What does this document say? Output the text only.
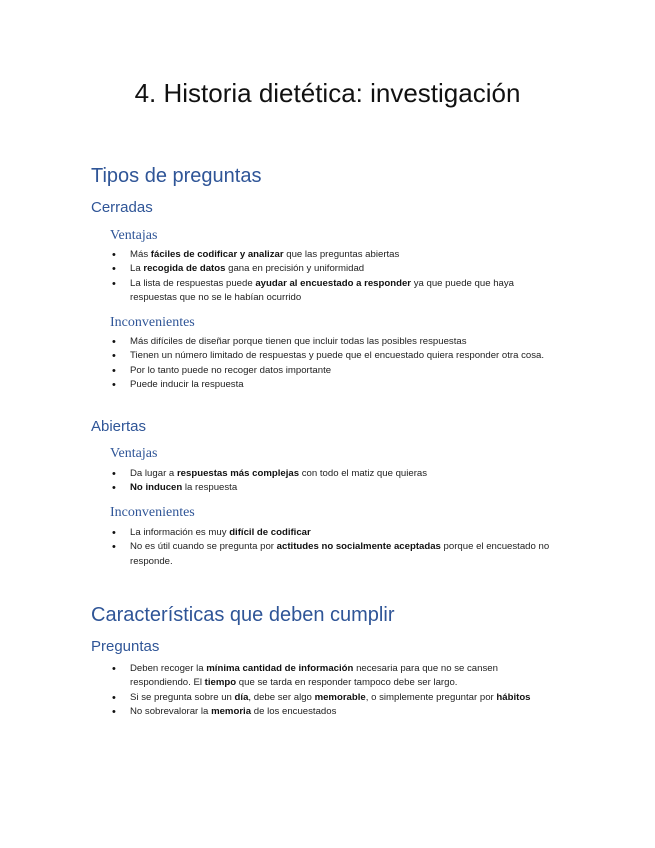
4. Historia dietética: investigación
Tipos de preguntas
Cerradas
Ventajas
• Más fáciles de codificar y analizar que las preguntas abiertas
• La recogida de datos gana en precisión y uniformidad
• La lista de respuestas puede ayudar al encuestado a responder ya que puede que haya respuestas que no se le habían ocurrido
Inconvenientes
• Más difíciles de diseñar porque tienen que incluir todas las posibles respuestas
• Tienen un número limitado de respuestas y puede que el encuestado quiera responder otra cosa.
• Por lo tanto puede no recoger datos importante
• Puede inducir la respuesta
Abiertas
Ventajas
• Da lugar a respuestas más complejas con todo el matiz que quieras
• No inducen la respuesta
Inconvenientes
• La información es muy difícil de codificar
• No es útil cuando se pregunta por actitudes no socialmente aceptadas porque el encuestado no responde.
Características que deben cumplir
Preguntas
• Deben recoger la mínima cantidad de información necesaria para que no se cansen respondiendo. El tiempo que se tarda en responder tampoco debe ser largo.
• Si se pregunta sobre un día, debe ser algo memorable, o simplemente preguntar por hábitos
• No sobrevalorar la memoria de los encuestados
